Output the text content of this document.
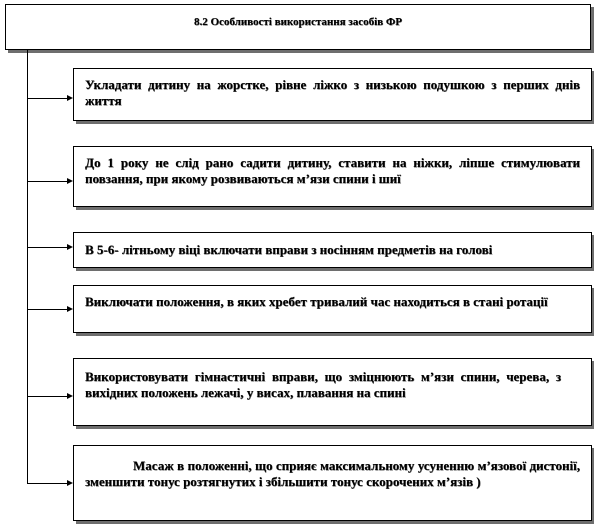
8.2 Особливості використання засобів ФР
Укладати дитину на жорстке, рівне ліжко з низькою подушкою з перших днів життя
До 1 року не слід рано садити дитину, ставити на ніжки, ліпше стимулювати повзання, при якому розвиваються м’язи спини і шиї
В 5-6- літньому віці включати вправи з носінням предметів на голові
Виключати положення, в яких хребет тривалий час находиться в стані ротації
Використовувати гімнастичні вправи, що зміцнюють м’язи спини, черева, з вихідних положень лежачі, у висах, плавання на спині
Масаж в положенні, що сприяє максимальному усуненню м’язової дистонії, зменшити тонус розтягнутих і збільшити тонус скорочених м’язів )
